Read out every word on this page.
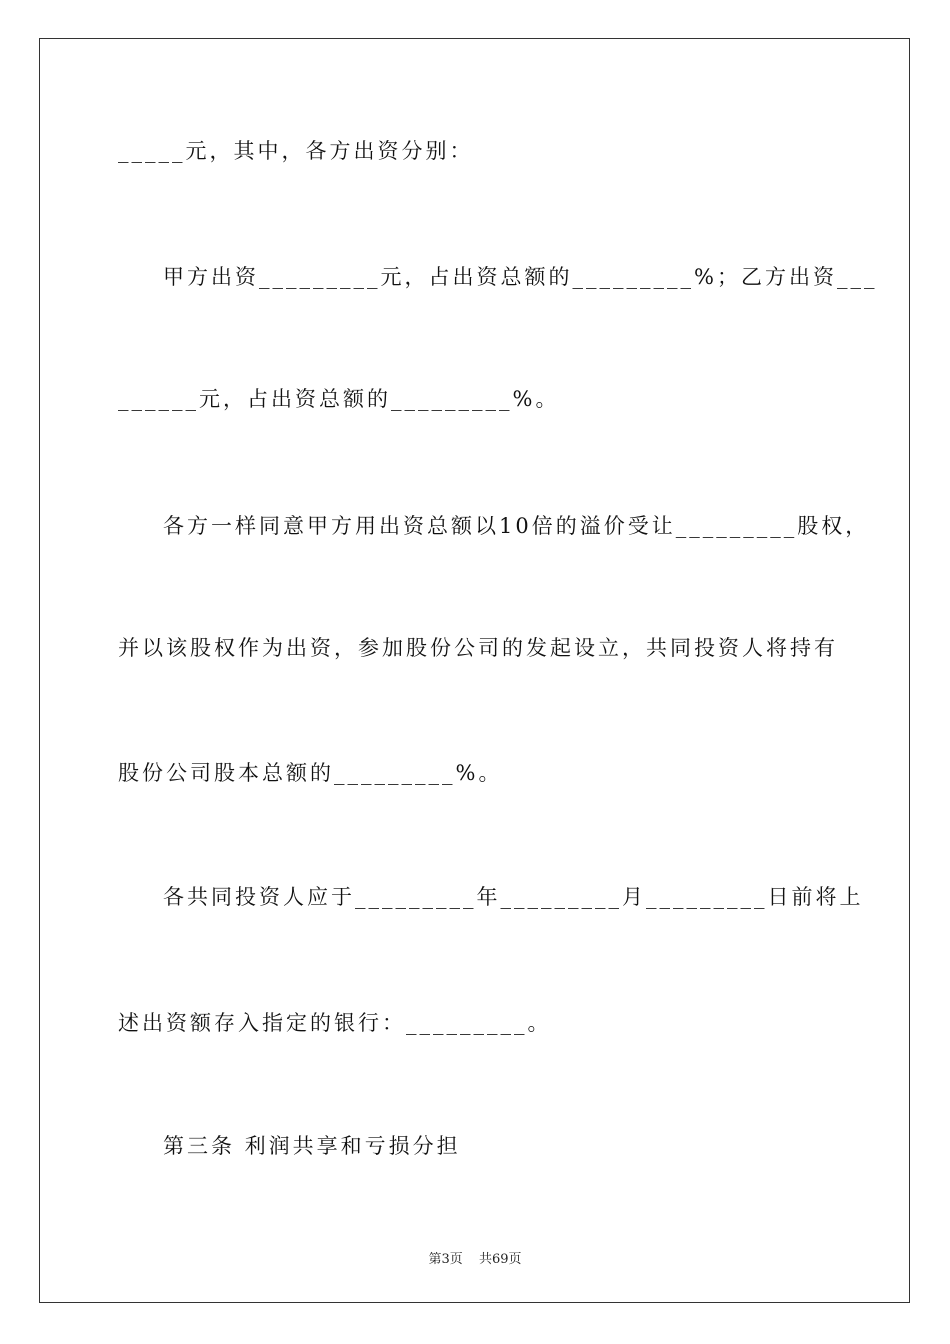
_____元，其中，各方出资分别：
甲方出资_________元，占出资总额的_________%；乙方出资___
______元，占出资总额的_________%。
各方一样同意甲方用出资总额以10倍的溢价受让_________股权，
并以该股权作为出资，参加股份公司的发起设立，共同投资人将持有
股份公司股本总额的_________%。
各共同投资人应于_________年_________月_________日前将上
述出资额存入指定的银行：_________。
第三条 利润共享和亏损分担
第3页 共69页
